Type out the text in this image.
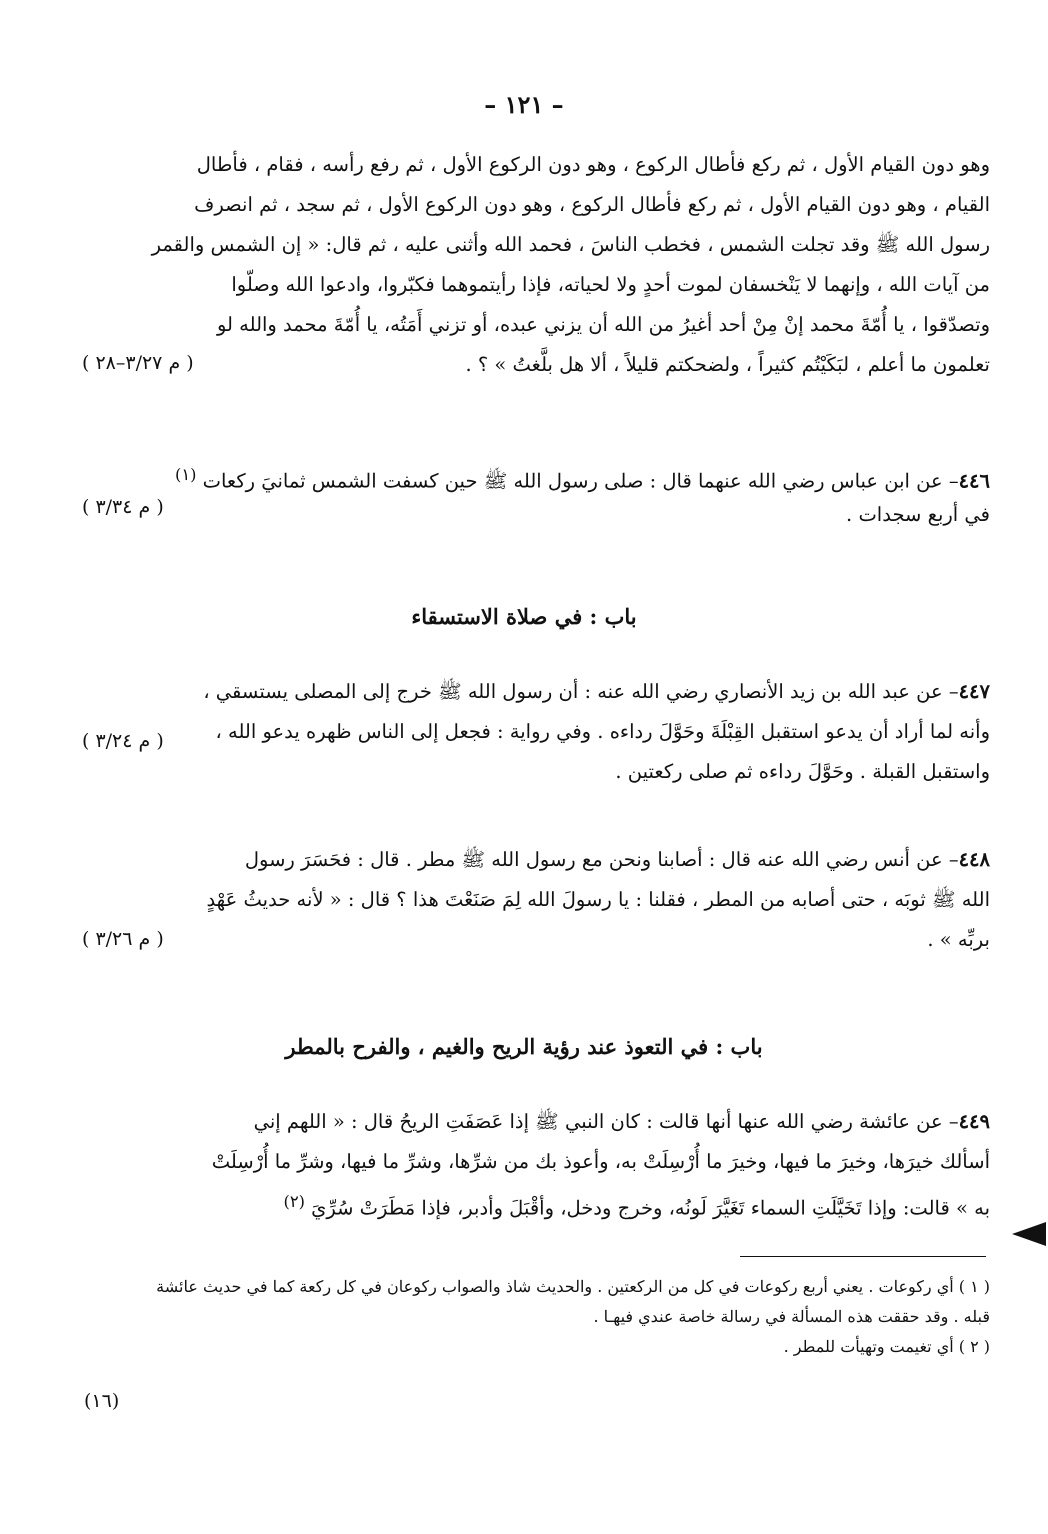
– ١٢١ –
وهو دون القيام الأول ، ثم ركع فأطال الركوع ، وهو دون الركوع الأول ، ثم رفع رأسه ، فقام ، فأطال
القيام ، وهو دون القيام الأول ، ثم ركع فأطال الركوع ، وهو دون الركوع الأول ، ثم سجد ، ثم انصرف
رسول الله ﷺ وقد تجلت الشمس ، فخطب الناسَ ، فحمد الله وأثنى عليه ، ثم قال: « إن الشمس والقمر
من آيات الله ، وإنهما لا يَنْخسفان لموت أحدٍ ولا لحياته، فإذا رأيتموهما فكبّروا، وادعوا الله وصلّوا
وتصدّقوا ، يا أُمّةَ محمد إنْ مِنْ أحد أغيرُ من الله أن يزني عبده، أو تزني أَمَتُه، يا أُمّةَ محمد والله لو
تعلمون ما أعلم ، لبَكَيْتُم كثيراً ، ولضحكتم قليلاً ، ألا هل بلَّغتُ » ؟ .
( م ٣/٢٧–٢٨ )
٤٤٦– عن ابن عباس رضي الله عنهما قال : صلى رسول الله ﷺ حين كسفت الشمس ثمانيَ ركعات $^{(١)}$
في أربع سجدات .
( م ٣/٣٤ )
باب : في صلاة الاستسقاء
٤٤٧– عن عبد الله بن زيد الأنصاري رضي الله عنه : أن رسول الله ﷺ خرج إلى المصلى يستسقي ،
وأنه لما أراد أن يدعو استقبل القِبْلَةَ وحَوَّلَ رداءه . وفي رواية : فجعل إلى الناس ظهره يدعو الله ،
واستقبل القبلة . وحَوَّلَ رداءه ثم صلى ركعتين .
( م ٣/٢٤ )
٤٤٨– عن أنس رضي الله عنه قال : أصابنا ونحن مع رسول الله ﷺ مطر . قال : فحَسَرَ رسول
الله ﷺ ثوبَه ، حتى أصابه من المطر ، فقلنا : يا رسولَ الله لِمَ صَنَعْتَ هذا ؟ قال : « لأنه حديثُ عَهْدٍ
بربِّه » .
( م ٣/٢٦ )
باب : في التعوذ عند رؤية الريح والغيم ، والفرح بالمطر
٤٤٩– عن عائشة رضي الله عنها أنها قالت : كان النبي ﷺ إذا عَصَفَتِ الريحُ قال : « اللهم إني
أسألك خيرَها، وخيرَ ما فيها، وخيرَ ما أُرْسِلَتْ به، وأعوذ بك من شرِّها، وشرِّ ما فيها، وشرِّ ما أُرْسِلَتْ
به » قالت: وإذا تَخَيَّلَتِ السماء تَغَيَّرَ لَونُه، وخرج ودخل، وأقْبَلَ وأدبر، فإذا مَطَرَتْ سُرِّيَ $^{(٢)}$
( ١ ) أي ركوعات . يعني أربع ركوعات في كل من الركعتين . والحديث شاذ والصواب ركوعان في كل ركعة كما في حديث عائشة
قبله . وقد حققت هذه المسألة في رسالة خاصة عندي فيهـا .
( ٢ ) أي تغيمت وتهيأت للمطر .
(١٦)
